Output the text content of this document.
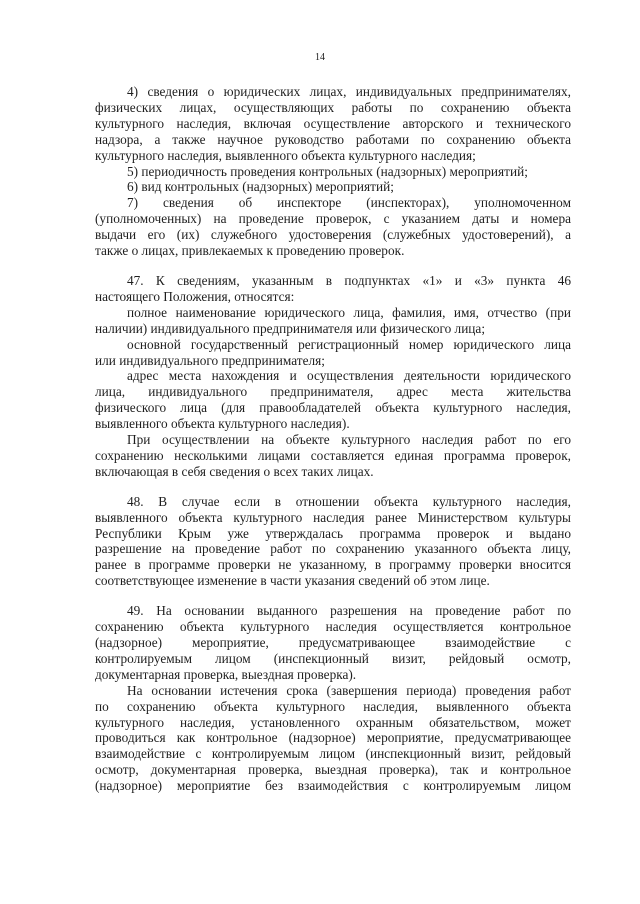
14
4) сведения о юридических лицах, индивидуальных предпринимателях,
физических лицах, осуществляющих работы по сохранению объекта
культурного наследия, включая осуществление авторского и технического
надзора, а также научное руководство работами по сохранению объекта
культурного наследия, выявленного объекта культурного наследия;
5) периодичность проведения контрольных (надзорных) мероприятий;
6) вид контрольных (надзорных) мероприятий;
7) сведения об инспекторе (инспекторах), уполномоченном
(уполномоченных) на проведение проверок, с указанием даты и номера
выдачи его (их) служебного удостоверения (служебных удостоверений), а
также о лицах, привлекаемых к проведению проверок.
47. К сведениям, указанным в подпунктах «1» и «3» пункта 46
настоящего Положения, относятся:
полное наименование юридического лица, фамилия, имя, отчество (при
наличии) индивидуального предпринимателя или физического лица;
основной государственный регистрационный номер юридического лица
или индивидуального предпринимателя;
адрес места нахождения и осуществления деятельности юридического
лица, индивидуального предпринимателя, адрес места жительства
физического лица (для правообладателей объекта культурного наследия,
выявленного объекта культурного наследия).
При осуществлении на объекте культурного наследия работ по его
сохранению несколькими лицами составляется единая программа проверок,
включающая в себя сведения о всех таких лицах.
48. В случае если в отношении объекта культурного наследия,
выявленного объекта культурного наследия ранее Министерством культуры
Республики Крым уже утверждалась программа проверок и выдано
разрешение на проведение работ по сохранению указанного объекта лицу,
ранее в программе проверки не указанному, в программу проверки вносится
соответствующее изменение в части указания сведений об этом лице.
49. На основании выданного разрешения на проведение работ по
сохранению объекта культурного наследия осуществляется контрольное
(надзорное) мероприятие, предусматривающее взаимодействие с
контролируемым лицом (инспекционный визит, рейдовый осмотр,
документарная проверка, выездная проверка).
На основании истечения срока (завершения периода) проведения работ
по сохранению объекта культурного наследия, выявленного объекта
культурного наследия, установленного охранным обязательством, может
проводиться как контрольное (надзорное) мероприятие, предусматривающее
взаимодействие с контролируемым лицом (инспекционный визит, рейдовый
осмотр, документарная проверка, выездная проверка), так и контрольное
(надзорное) мероприятие без взаимодействия с контролируемым лицом
